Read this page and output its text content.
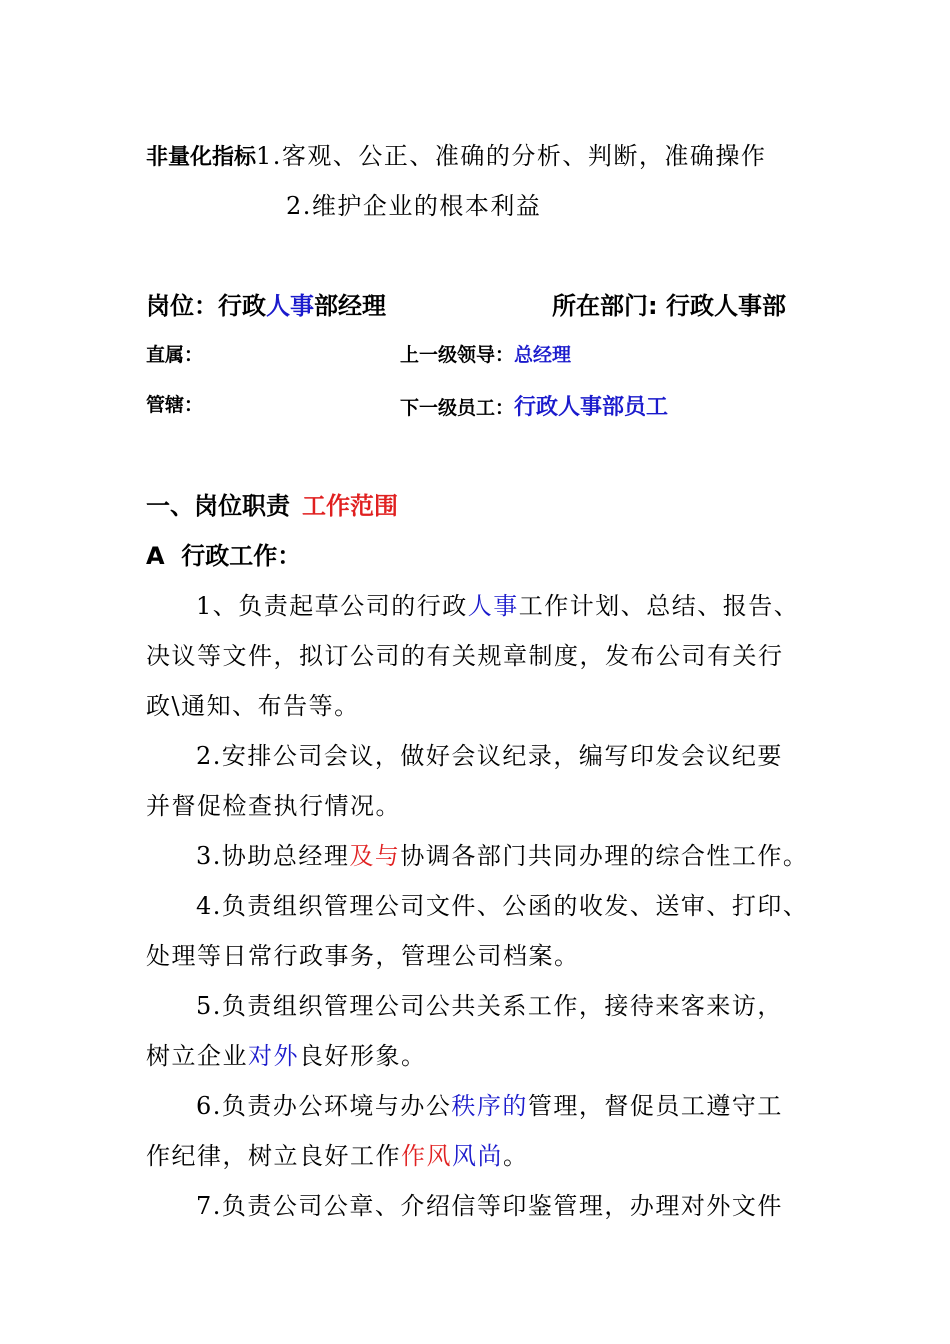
非量化指标1.客观、公正、准确的分析、判断，准确操作
2.维护企业的根本利益
岗位：行政人事部经理	所在部门: 行政人事部
直属：	上一级领导：总经理
管辖：	下一级员工：行政人事部员工
一、岗位职责 工作范围
A  行政工作：
1、负责起草公司的行政人事工作计划、总结、报告、
决议等文件，拟订公司的有关规章制度，发布公司有关行
政\通知、布告等。
2.安排公司会议，做好会议纪录，编写印发会议纪要
并督促检查执行情况。
3.协助总经理及与协调各部门共同办理的综合性工作。
4.负责组织管理公司文件、公函的收发、送审、打印、
处理等日常行政事务，管理公司档案。
5.负责组织管理公司公共关系工作，接待来客来访，
树立企业对外良好形象。
6.负责办公环境与办公秩序的管理，督促员工遵守工
作纪律，树立良好工作作风风尚。
7.负责公司公章、介绍信等印鉴管理，办理对外文件
